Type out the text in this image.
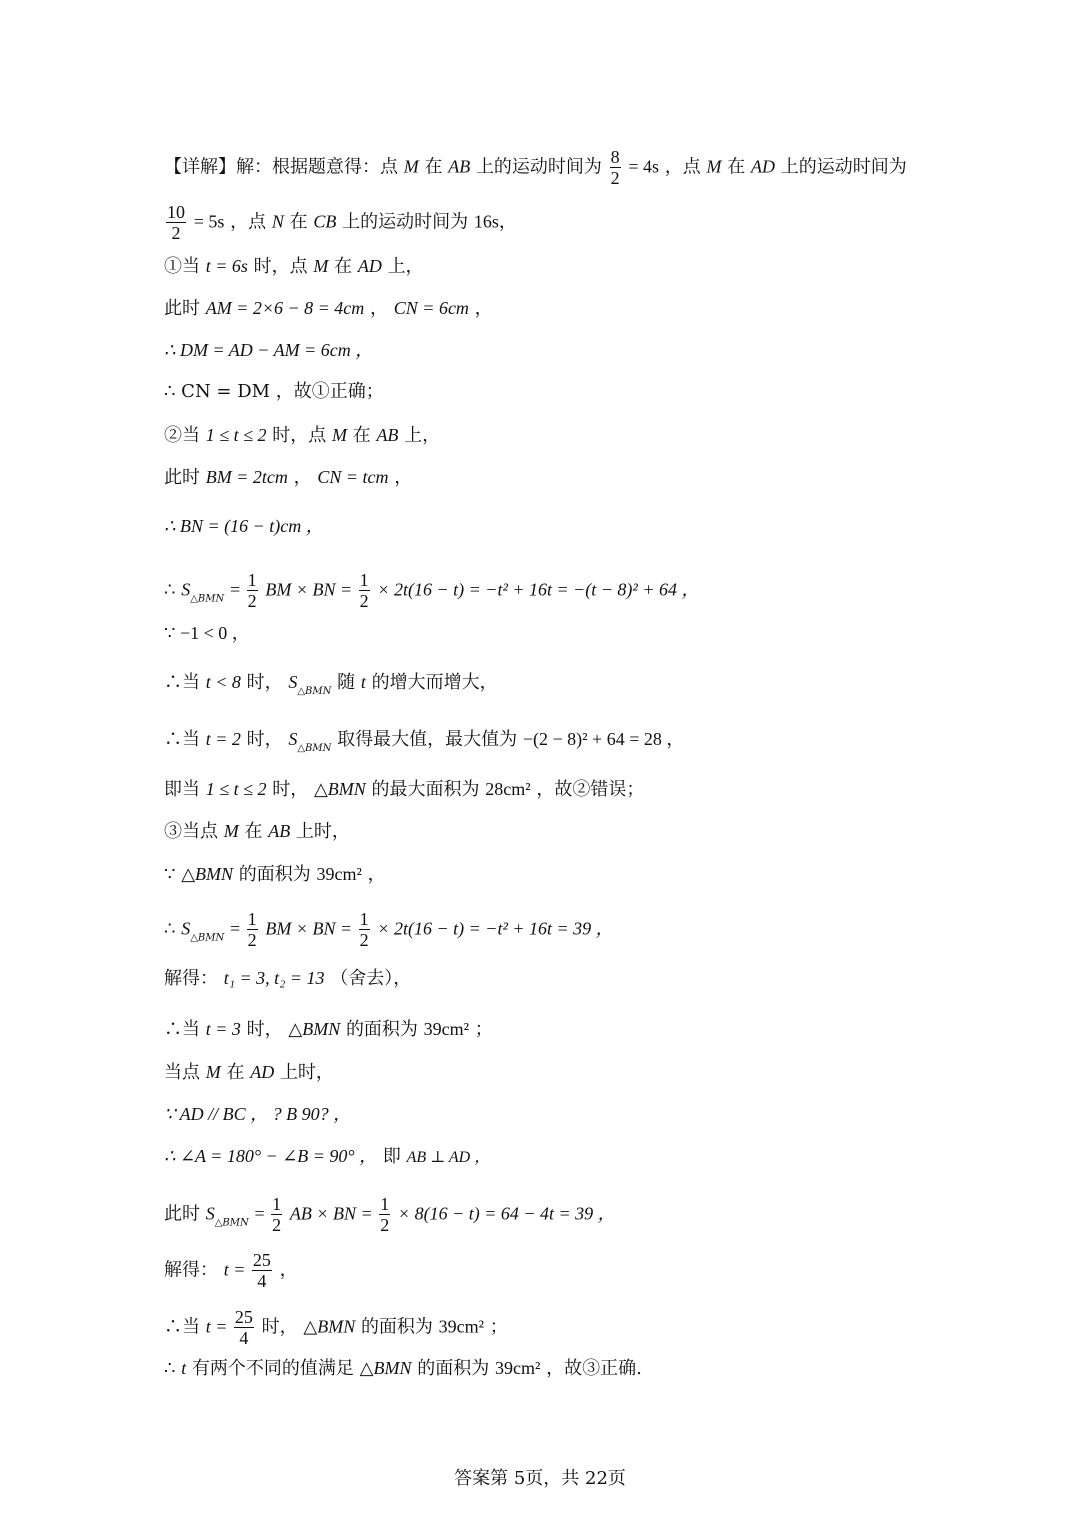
【详解】解：根据题意得：点 M 在 AB 上的运动时间为 $\frac{8}{2} = 4s$ ，点 M 在 AD 上的运动时间为
$\frac{10}{2} = 5s$ ，点 N 在 CB 上的运动时间为 16s，
①当 t = 6s 时，点 M 在 AD 上，
此时 AM = 2×6 − 8 = 4cm ， CN = 6cm ，
∴ DM = AD − AM = 6cm ，
∴ CN = DM ，故①正确；
②当 1 ≤ t ≤ 2 时，点 M 在 AB 上，
此时 BM = 2tcm ， CN = tcm ，
∴ BN = (16 − t)cm ，
∴ $S_{\triangle BMN} = \frac{1}{2}$ BM × BN = $\frac{1}{2} \times 2t(16 - t) = -t^2 + 16t = -(t - 8)^2 + 64$ ，
∵ −1 < 0 ，
∴当 t < 8 时， $S_{\triangle BMN}$ 随 t 的增大而增大，
∴当 t = 2 时， $S_{\triangle BMN}$ 取得最大值，最大值为 −(2 − 8)² + 64 = 28 ，
即当 1 ≤ t ≤ 2 时， △BMN 的最大面积为 28cm² ，故②错误；
③当点 M 在 AB 上时，
∵ △BMN 的面积为 39cm² ，
∴ $S_{\triangle BMN} = \frac{1}{2}$ BM × BN = $\frac{1}{2} \times 2t(16 - t) = -t^2 + 16t = 39$ ，
解得： t₁ = 3, t₂ = 13 （舍去），
∴当 t = 3 时， △BMN 的面积为 39cm² ；
当点 M 在 AD 上时，
∵ AD // BC ， ? B 90? ，
∴ ∠A = 180° − ∠B = 90° ， 即 AB ⊥ AD ，
此时 $S_{\triangle BMN} = \frac{1}{2}$ AB × BN = $\frac{1}{2} \times 8(16 - t) = 64 - 4t = 39$ ，
解得： $t = \frac{25}{4}$ ，
∴当 $t = \frac{25}{4}$ 时， △BMN 的面积为 39cm² ；
∴ t 有两个不同的值满足 △BMN 的面积为 39cm² ，故③正确.
答案第 5页，共 22页
